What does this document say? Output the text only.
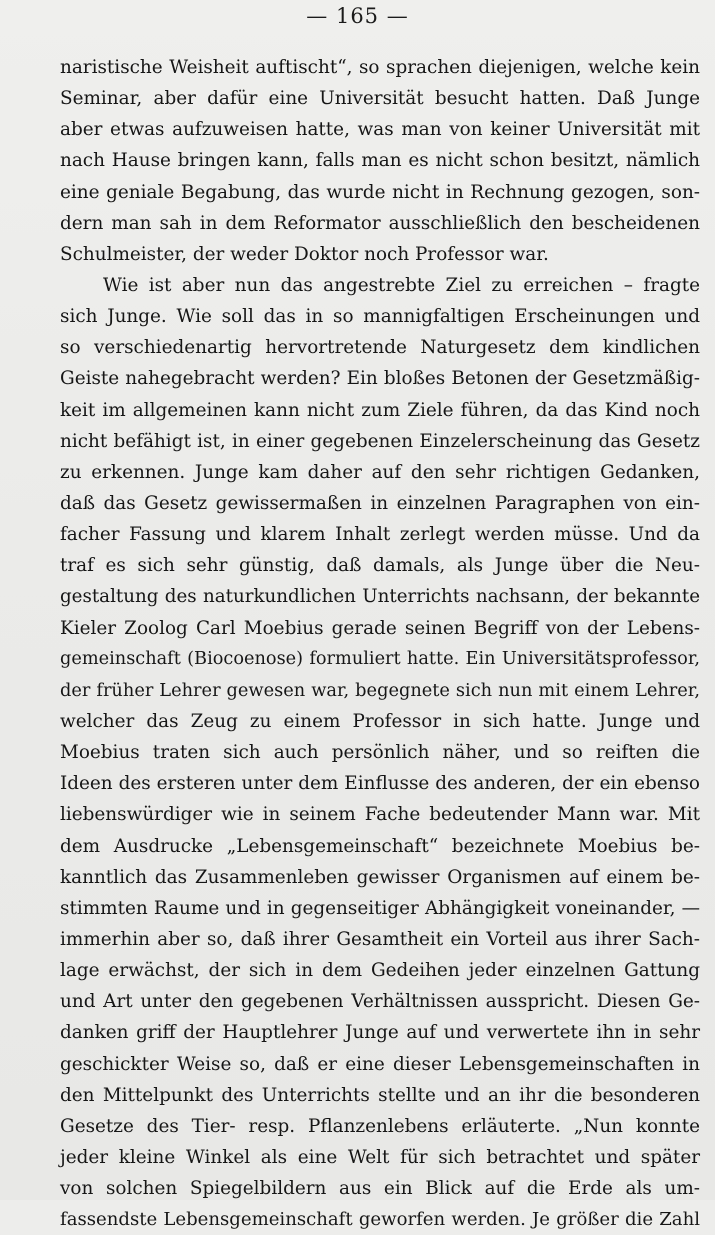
— 165 —
naristische Weisheit auftischt“, so sprachen diejenigen, welche kein
Seminar, aber dafür eine Universität besucht hatten. Daß Junge
aber etwas aufzuweisen hatte, was man von keiner Universität mit
nach Hause bringen kann, falls man es nicht schon besitzt, nämlich
eine geniale Begabung, das wurde nicht in Rechnung gezogen, son-
dern man sah in dem Reformator ausschließlich den bescheidenen
Schulmeister, der weder Doktor noch Professor war.
Wie ist aber nun das angestrebte Ziel zu erreichen – fragte
sich Junge. Wie soll das in so mannigfaltigen Erscheinungen und
so verschiedenartig hervortretende Naturgesetz dem kindlichen
Geiste nahegebracht werden? Ein bloßes Betonen der Gesetzmäßig-
keit im allgemeinen kann nicht zum Ziele führen, da das Kind noch
nicht befähigt ist, in einer gegebenen Einzelerscheinung das Gesetz
zu erkennen. Junge kam daher auf den sehr richtigen Gedanken,
daß das Gesetz gewissermaßen in einzelnen Paragraphen von ein-
facher Fassung und klarem Inhalt zerlegt werden müsse. Und da
traf es sich sehr günstig, daß damals, als Junge über die Neu-
gestaltung des naturkundlichen Unterrichts nachsann, der bekannte
Kieler Zoolog Carl Moebius gerade seinen Begriff von der Lebens-
gemeinschaft (Biocoenose) formuliert hatte. Ein Universitätsprofessor,
der früher Lehrer gewesen war, begegnete sich nun mit einem Lehrer,
welcher das Zeug zu einem Professor in sich hatte. Junge und
Moebius traten sich auch persönlich näher, und so reiften die
Ideen des ersteren unter dem Einflusse des anderen, der ein ebenso
liebenswürdiger wie in seinem Fache bedeutender Mann war. Mit
dem Ausdrucke „Lebensgemeinschaft“ bezeichnete Moebius be-
kanntlich das Zusammenleben gewisser Organismen auf einem be-
stimmten Raume und in gegenseitiger Abhängigkeit voneinander, —
immerhin aber so, daß ihrer Gesamtheit ein Vorteil aus ihrer Sach-
lage erwächst, der sich in dem Gedeihen jeder einzelnen Gattung
und Art unter den gegebenen Verhältnissen ausspricht. Diesen Ge-
danken griff der Hauptlehrer Junge auf und verwertete ihn in sehr
geschickter Weise so, daß er eine dieser Lebensgemeinschaften in
den Mittelpunkt des Unterrichts stellte und an ihr die besonderen
Gesetze des Tier- resp. Pflanzenlebens erläuterte. „Nun konnte
jeder kleine Winkel als eine Welt für sich betrachtet und später
von solchen Spiegelbildern aus ein Blick auf die Erde als um-
fassendste Lebensgemeinschaft geworfen werden. Je größer die Zahl
